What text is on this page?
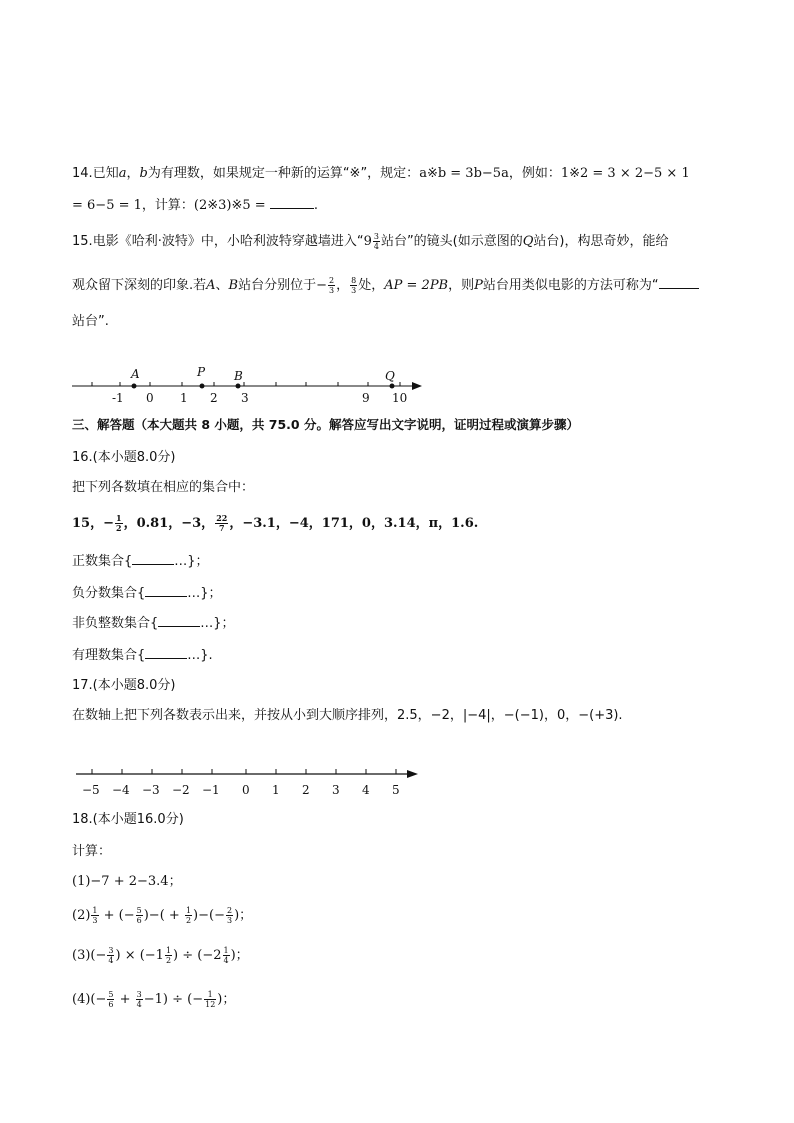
14.已知a，b为有理数，如果规定一种新的运算“※”，规定：a※b = 3b−5a，例如：1※2 = 3 × 2−5 × 1
= 6−5 = 1，计算：(2※3)※5 =	.
15.电影《哈利·波特》中，小哈利波特穿越墙进入“$9 \frac{3}{4}$ 站台”的镜头(如示意图的Q站台)，构思奇妙，能给
观众留下深刻的印象.若A、B站台分别位于− $\frac{2}{3}$ ， $\frac{8}{3}$ 处，AP = 2PB，则P站台用类似电影的方法可称为“
站台”.
A	P B	Q
-1 0 1 2 3	9 10
三、解答题（本大题共 8 小题，共 75.0 分。解答应写出文字说明，证明过程或演算步骤）
16.(本小题8.0分)
把下列各数填在相应的集合中：
15，− $\frac{1}{2}$ ，0.81，−3， $\frac{22}{7}$ ，−3.1，−4，171，0，3.14，π，1.6.
正数集合{	…}；
负分数集合{	…}；
非负整数集合{	…}；
有理数集合{	…}.
17.(本小题8.0分)
在数轴上把下列各数表示出来，并按从小到大顺序排列，2.5，−2，|−4|，−(−1)，0，−(+3).
−5 −4 −3 −2 −1 0 1 2 3 4 5
18.(本小题16.0分)
计算：
(1)−7 + 2−3.4；
$(2) \frac{1}{3}$ + (− $\frac{5}{6}$ )−( + $\frac{1}{2}$ )−(− $\frac{2}{3}$ )；
$(3)(- \frac{3}{4}$ ) × ($-1 \frac{1}{2}$ ) ÷ ($-2 \frac{1}{4}$ )；
$(4)(- \frac{5}{6} + \frac{3}{4} -1)$ ÷ (− $\frac{1}{12}$ )；
